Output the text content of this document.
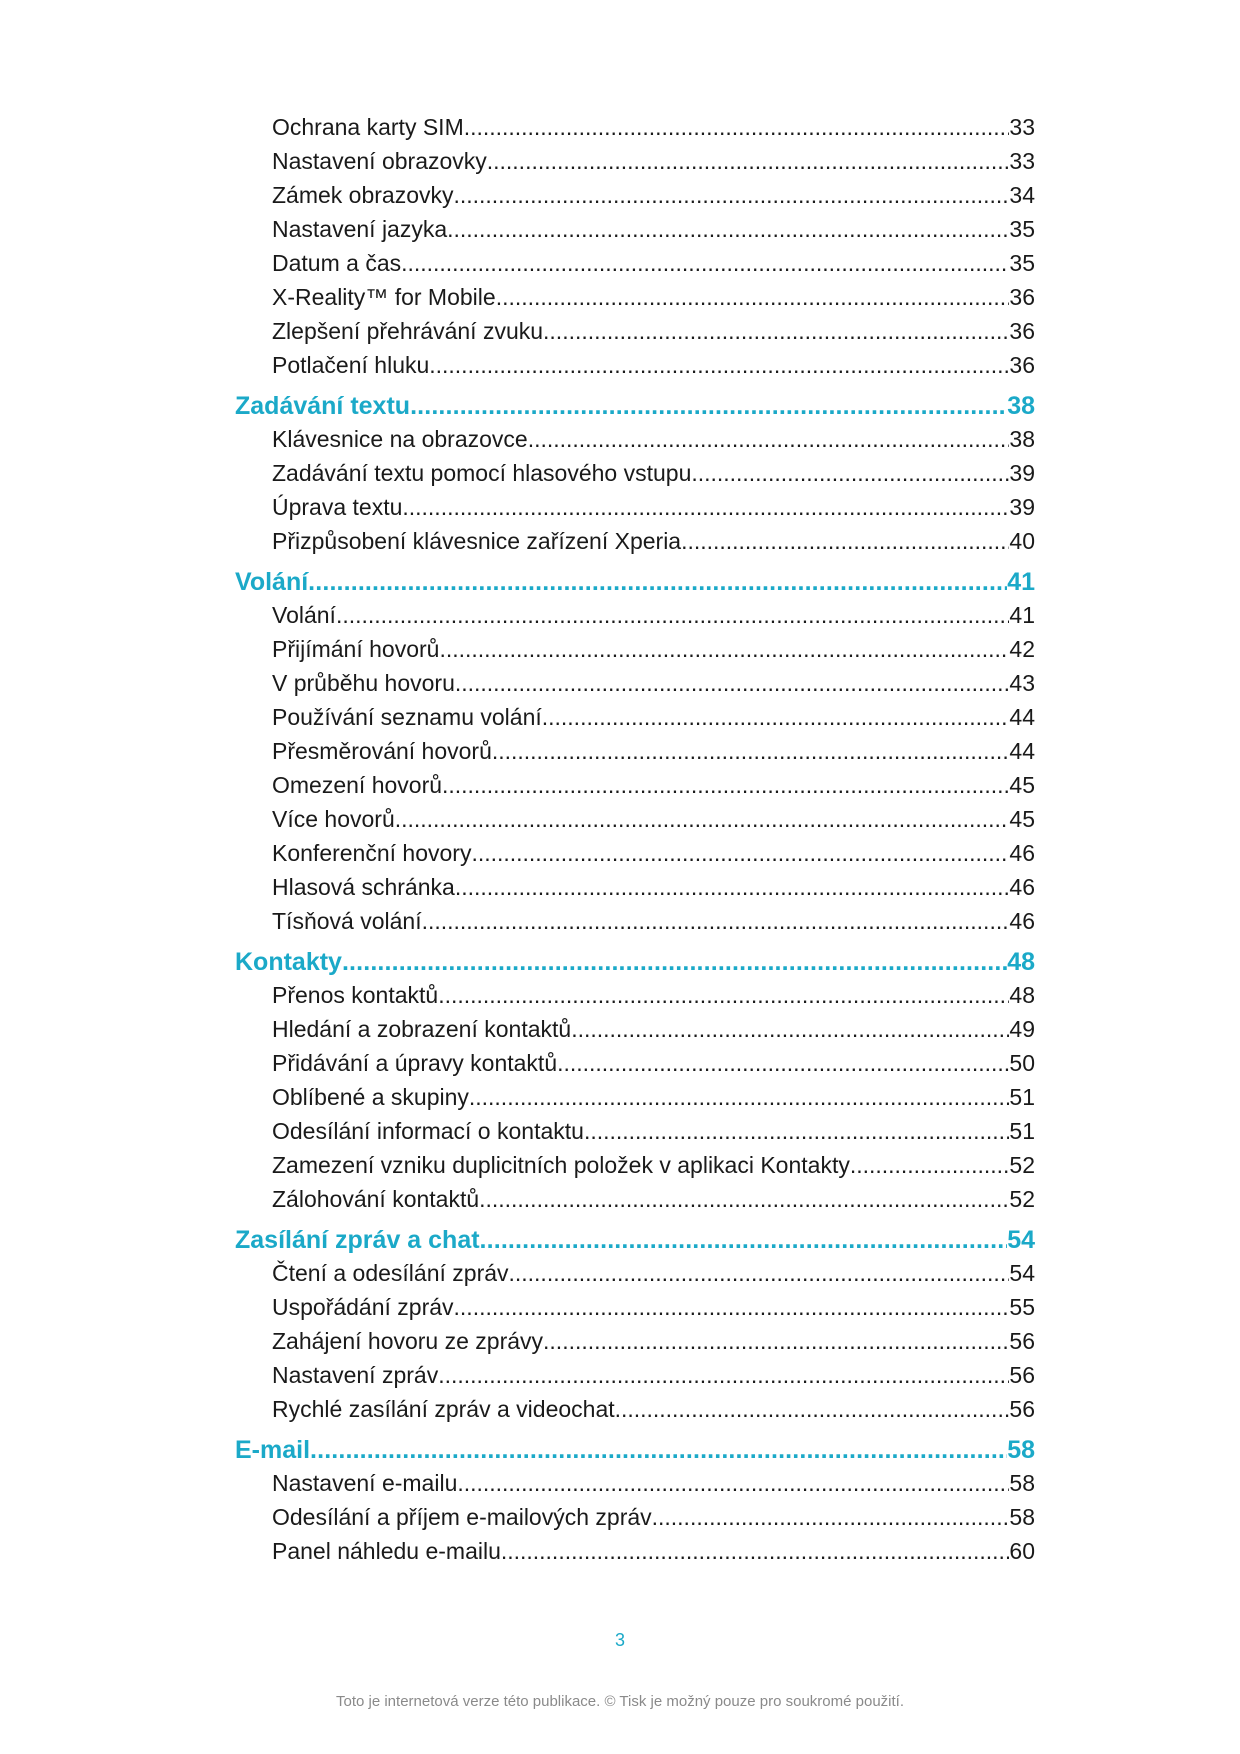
Ochrana karty SIM . . .	33
Nastavení obrazovky . . .	33
Zámek obrazovky . . .	34
Nastavení jazyka . . .	35
Datum a čas . . .	35
X-Reality™ for Mobile . . .	36
Zlepšení přehrávání zvuku . . .	36
Potlačení hluku . . .	36
Zadávání textu . . .	38
Klávesnice na obrazovce . . .	38
Zadávání textu pomocí hlasového vstupu . . .	39
Úprava textu . . .	39
Přizpůsobení klávesnice zařízení Xperia . . .	40
Volání . . .	41
Volání . . .	41
Přijímání hovorů . . .	42
V průběhu hovoru . . .	43
Používání seznamu volání . . .	44
Přesměrování hovorů . . .	44
Omezení hovorů . . .	45
Více hovorů . . .	45
Konferenční hovory . . .	46
Hlasová schránka . . .	46
Tísňová volání . . .	46
Kontakty . . .	48
Přenos kontaktů . . .	48
Hledání a zobrazení kontaktů . . .	49
Přidávání a úpravy kontaktů . . .	50
Oblíbené a skupiny . . .	51
Odesílání informací o kontaktu . . .	51
Zamezení vzniku duplicitních položek v aplikaci Kontakty . . .	52
Zálohování kontaktů . . .	52
Zasílání zpráv a chat . . .	54
Čtení a odesílání zpráv . . .	54
Uspořádání zpráv . . .	55
Zahájení hovoru ze zprávy . . .	56
Nastavení zpráv . . .	56
Rychlé zasílání zpráv a videochat . . .	56
E-mail . . .	58
Nastavení e-mailu . . .	58
Odesílání a příjem e-mailových zpráv . . .	58
Panel náhledu e-mailu . . .	60
3
Toto je internetová verze této publikace. © Tisk je možný pouze pro soukromé použití.
